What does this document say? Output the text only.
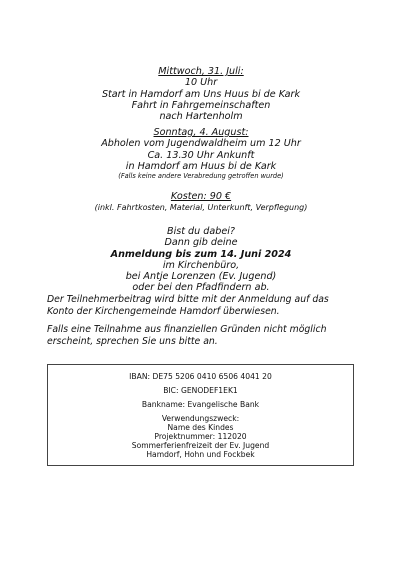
Mittwoch, 31. Juli:
10 Uhr
Start in Hamdorf am Uns Huus bi de Kark
Fahrt in Fahrgemeinschaften
nach Hartenholm
Sonntag, 4. August:
Abholen vom Jugendwaldheim um 12 Uhr
Ca. 13.30 Uhr Ankunft
in Hamdorf am Huus bi de Kark
(Falls keine andere Verabredung getroffen wurde)
Kosten: 90 €
(inkl. Fahrtkosten, Material, Unterkunft, Verpflegung)
Bist du dabei?
Dann gib deine
Anmeldung bis zum 14. Juni 2024
im Kirchenbüro,
bei Antje Lorenzen (Ev. Jugend)
oder bei den Pfadfindern ab.
Der Teilnehmerbeitrag wird bitte mit der Anmeldung auf das
Konto der Kirchengemeinde Hamdorf überwiesen.
Falls eine Teilnahme aus finanziellen Gründen nicht möglich
erscheint, sprechen Sie uns bitte an.
IBAN: DE75 5206 0410 6506 4041 20
BIC: GENODEF1EK1
Bankname: Evangelische Bank
Verwendungszweck:
Name des Kindes
Projektnummer: 112020
Sommerferienfreizeit der Ev. Jugend
Hamdorf, Hohn und Fockbek
